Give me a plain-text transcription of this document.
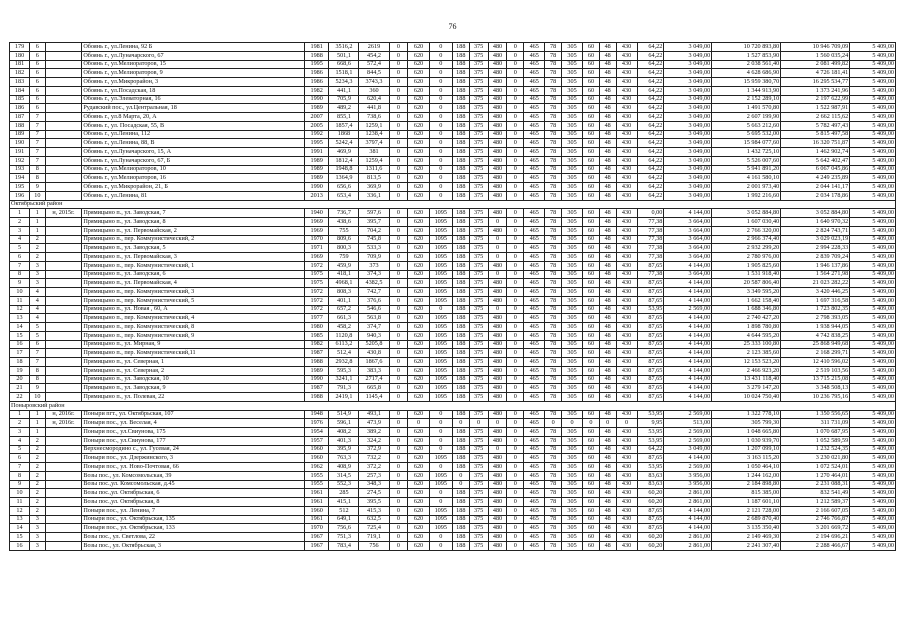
76
179	6		Обоянь г., ул.Ленина, 92 Б	1981	3516,2	2619	0	620	0	188	375	480	0	465	78	305	60	48	430	64,22	3 049,00	10 720 893,80	10 946 709,09	5 409,00
180	6		Обоянь г., ул.Луначарского, 67	1988	501,1	454,2	0	620	0	188	375	480	0	465	78	305	60	48	430	64,22	3 049,00	1 527 853,90	1 560 035,24	5 409,00
181	6		Обоянь г., ул.Мелиораторов, 15	1995	668,6	572,4	0	620	0	188	375	480	0	465	78	305	60	48	430	64,22	3 049,00	2 038 561,40	2 081 499,82	5 409,00
182	6		Обоянь г., ул.Мелиораторов, 9	1986	1518,1	844,5	0	620	0	188	375	480	0	465	78	305	60	48	430	64,22	3 049,00	4 628 686,90	4 726 181,41	5 409,00
183	6		Обоянь г., ул.Микрорайон, 3	1986	5234,3	3743,3	0	620	0	188	375	480	0	465	78	305	60	48	430	64,22	3 049,00	15 959 380,70	16 295 534,77	5 409,00
184	6		Обоянь г., ул.Посадская, 18	1982	441,1	360	0	620	0	188	375	480	0	465	78	305	60	48	430	64,22	3 049,00	1 344 913,90	1 373 241,96	5 409,00
185	6		Обоянь г., ул.Элеваторная, 16	1990	705,9	620,4	0	620	0	188	375	480	0	465	78	305	60	48	430	64,22	3 049,00	2 152 289,10	2 197 622,99	5 409,00
186	6		Рудавский пос., ул.Центральная, 18	1989	489,2	441,8	0	620	0	188	375	480	0	465	78	305	60	48	430	64,22	3 049,00	1 491 570,80	1 522 987,91	5 409,00
187	7		Обоянь г., ул.8 Марта, 20, А	2007	855,1	738,6	0	620	0	188	375	480	0	465	78	305	60	48	430	64,22	3 049,00	2 607 199,90	2 662 115,62	5 409,00
188	7		Обоянь г., ул. Посадская, 55, В	2005	1857,4	1259,1	0	620	0	188	375	480	0	465	78	305	60	48	430	64,22	3 049,00	5 663 212,60	5 782 497,43	5 409,00
189	7		Обоянь г., ул.Ленина, 112	1992	1868	1238,4	0	620	0	188	375	480	0	465	78	305	60	48	430	64,22	3 049,00	5 695 532,00	5 815 497,58	5 409,00
190	7		Обоянь г., ул.Ленина, 88, В	1995	5242,4	3797,4	0	620	0	188	375	480	0	465	78	305	60	48	430	64,22	3 049,00	15 984 077,60	16 320 751,87	5 409,00
191	7		Обоянь г., ул.Луначарского, 15, А	1991	469,9	381	0	620	0	188	375	480	0	465	78	305	60	48	430	64,22	3 049,00	1 432 725,10	1 462 902,74	5 409,00
192	7		Обоянь г., ул.Луначарского, 67, Б	1989	1812,4	1259,4	0	620	0	188	375	480	0	465	78	305	60	48	430	64,22	3 049,00	5 526 007,60	5 642 402,47	5 409,00
193	8		Обоянь г., ул.Мелиораторов, 10	1989	1948,8	1311,6	0	620	0	188	375	480	0	465	78	305	60	48	430	64,22	3 049,00	5 941 891,20	6 067 045,86	5 409,00
194	8		Обоянь г., ул.Мелиораторов, 16	1989	1364,9	813,5	0	620	0	188	375	480	0	465	78	305	60	48	430	64,22	3 049,00	4 161 580,10	4 249 235,89	5 409,00
195	9		Обоянь г., ул.Микрорайон, 21, Б	1990	656,6	369,9	0	620	0	188	375	480	0	465	78	305	60	48	430	64,22	3 049,00	2 001 973,40	2 044 141,17	5 409,00
196	10		Обоянь г., ул.Ленина, 81	2013	653,4	336,1	0	620	0	188	375	480	0	465	78	305	60	48	430	64,22	3 049,00	1 992 216,60	2 034 178,86	5 409,00
Октябрьский район																								
1	1	н, 2015г.	Прямицыно п., ул. Заводская, 7	1940	736,7	597,6	0	620	1095	188	375	480	0	465	78	305	60	48	430	0,00	4 144,00	3 052 884,80	3 052 884,80	5 409,00
2	1		Прямицыно п., ул. Заводская, 8	1969	438,6	395,7	0	620	1095	188	375	0	0	465	78	305	60	48	430	77,38	3 664,00	1 607 030,40	1 640 970,32	5 409,00
3	1		Прямицыно п., ул. Первомайская, 2	1969	755	704,2	0	620	1095	188	375	480	0	465	78	305	60	48	430	77,38	3 664,00	2 766 320,00	2 824 743,71	5 409,00
4	2		Прямицыно п., пер. Коммунистический, 2	1970	809,6	745,8	0	620	1095	188	375	0	0	465	78	305	60	48	430	77,38	3 664,00	2 966 374,40	3 029 023,19	5 409,00
5	2		Прямицыно п., ул. Заводская, 5	1971	800,3	533,3	0	620	1095	188	375	0	0	465	78	305	60	48	430	77,38	3 664,00	2 932 299,20	2 994 228,33	5 409,00
6	2		Прямицыно п., ул. Первомайская, 3	1969	759	709,9	0	620	1095	188	375	0	0	465	78	305	60	48	430	77,38	3 664,00	2 780 976,00	2 839 709,24	5 409,00
7	3		Прямицыно п., пер. Коммунистический, 1	1972	459,9	373	0	620	1095	188	375	480	0	465	78	305	60	48	430	87,65	4 144,00	1 905 825,60	1 946 137,86	5 409,00
8	3		Прямицыно п., ул. Заводская, 6	1975	418,1	374,3	0	620	1095	188	375	0	0	465	78	305	60	48	430	77,38	3 664,00	1 531 918,40	1 564 271,98	5 409,00
9	3		Прямицыно п., ул. Первомайская, 4	1975	4968,1	4382,5	0	620	1095	188	375	480	0	465	78	305	60	48	430	87,65	4 144,00	20 587 806,40	21 023 282,22	5 409,00
10	4		Прямицыно п., пер. Коммунистический, 3	1972	808,3	742,7	0	620	1095	188	375	480	0	465	78	305	60	48	430	87,65	4 144,00	3 349 595,20	3 420 446,25	5 409,00
11	4		Прямицыно п., пер. Коммунистический, 5	1972	401,1	376,6	0	620	1095	188	375	480	0	465	78	305	60	48	430	87,65	4 144,00	1 662 158,40	1 697 316,58	5 409,00
12	4		Прямицыно п., ул. Новая , 60, А	1972	657,2	546,6	0	620	0	188	375	0	0	465	78	305	60	48	430	53,95	2 569,00	1 688 346,80	1 723 802,35	5 409,00
13	4		Прямицыно п., пер. Коммунистический, 4	1977	661,3	563,8	0	620	1095	188	375	480	0	465	78	305	60	48	430	87,65	4 144,00	2 740 427,20	2 798 393,05	5 409,00
14	5		Прямицыно п., пер. Коммунистический, 8	1980	458,2	374,7	0	620	1095	188	375	480	0	465	78	305	60	48	430	87,65	4 144,00	1 898 780,80	1 938 944,05	5 409,00
15	5		Прямицыно п., пер. Коммунистический, 9	1985	1120,8	940,3	0	620	1095	188	375	480	0	465	78	305	60	48	430	87,65	4 144,00	4 644 595,20	4 742 838,25	5 409,00
16	6		Прямицыно п., ул. Мирная, 9	1982	6113,2	5205,8	0	620	1095	188	375	480	0	465	78	305	60	48	430	87,65	4 144,00	25 333 100,80	25 868 949,68	5 409,00
17	7		Прямицыно п., пер. Коммунистический,11	1987	512,4	430,8	0	620	1095	188	375	480	0	465	78	305	60	48	430	87,65	4 144,00	2 123 385,60	2 168 299,71	5 409,00
18	7		Прямицыно п., ул. Северная, 1	1988	2932,8	1867,6	0	620	1095	188	375	480	0	465	78	305	60	48	430	87,65	4 144,00	12 153 523,20	12 410 596,02	5 409,00
19	8		Прямицыно п., ул. Северная, 2	1989	595,3	383,3	0	620	1095	188	375	480	0	465	78	305	60	48	430	87,65	4 144,00	2 466 923,20	2 519 103,56	5 409,00
20	8		Прямицыно п., ул. Заводская, 10	1990	3241,1	2717,4	0	620	1095	188	375	480	0	465	78	305	60	48	430	87,65	4 144,00	13 431 118,40	13 715 215,08	5 409,00
21	9		Прямицыно п., ул. Заводская, 9	1987	791,3	665,8	0	620	1095	188	375	480	0	465	78	305	60	48	430	87,65	4 144,00	3 279 147,20	3 348 508,13	5 409,00
22	10		Прямицыно п., ул. Полевая, 22	1988	2419,1	1145,4	0	620	1095	188	375	480	0	465	78	305	60	48	430	87,65	4 144,00	10 024 750,40	10 236 795,16	5 409,00
Поныровский район																								
1	1	н, 2016г.	Поныри пгт., ул. Октябрьская, 107	1948	514,9	493,1	0	620	0	188	375	480	0	465	78	305	60	48	430	53,95	2 569,00	1 322 778,10	1 350 556,65	5 409,00
2	1	н, 2016г.	Поныри пос., ул. Веселая, 4	1976	596,1	473,9	0	0	0	0	0	0	0	465	0	0	0	0	0	9,95	513,00	305 799,30	311 731,09	5 409,00
3	1		Поныри пос., ул.Свиунова, 175	1954	408,2	389,2	0	620	0	188	375	480	0	465	78	305	60	48	430	53,95	2 569,00	1 048 665,80	1 070 687,95	5 409,00
4	2		Поныри пос., ул.Свиунова, 177	1957	401,3	324,2	0	620	0	188	375	480	0	465	78	305	60	48	430	53,95	2 569,00	1 030 939,70	1 052 589,59	5 409,00
5	2		Верхнесмородино с., ул. Гусевая, 24	1960	395,9	372,9	0	620	0	188	375	0	0	465	78	305	60	48	430	64,22	3 049,00	1 207 099,10	1 232 524,35	5 409,00
6	2		Поныри пос., ул. Дзержинского, 3	1960	763,3	732,2	0	620	1095	188	375	480	0	465	78	305	60	48	430	87,65	4 144,00	3 163 115,20	3 230 021,80	5 409,00
7	2		Поныри пос., ул. Ново-Почтовая, 66	1962	408,9	372,2	0	620	0	188	375	480	0	465	78	305	60	48	430	53,95	2 569,00	1 050 464,10	1 072 524,01	5 409,00
8	2		Возы пос., ул. Комсомольская, 39	1955	314,5	257,3	0	620	1095	0	375	480	0	465	78	305	60	48	430	83,63	3 956,00	1 244 162,00	1 270 464,01	5 409,00
9	2		Возы пос.,ул. Комсомольская, д.45	1955	552,3	348,3	0	620	1095	0	375	480	0	465	78	305	60	48	430	83,63	3 956,00	2 184 898,80	2 231 088,31	5 409,00
10	2		Возы пос.,ул. Октябрьская, 6	1961	285	274,5	0	620	0	188	375	480	0	465	78	305	60	48	430	60,20	2 861,00	815 385,00	832 541,49	5 409,00
11	2		Возы пос.,ул. Октябрьская, 8	1961	415,1	395,5	0	620	0	188	375	480	0	465	78	305	60	48	430	60,20	2 861,00	1 187 601,10	1 212 589,37	5 409,00
12	2		Поныри пос., ул. Ленина, 7	1960	512	415,3	0	620	1095	188	375	480	0	465	78	305	60	48	430	87,65	4 144,00	2 121 728,00	2 166 607,05	5 409,00
13	3		Поныри пос., ул. Октябрьская, 135	1961	649,1	632,5	0	620	1095	188	375	480	0	465	78	305	60	48	430	87,65	4 144,00	2 689 870,40	2 746 766,87	5 409,00
14	3		Поныри пос., ул. Октябрьская, 133	1970	756,6	725,4	0	620	1095	188	375	480	0	465	78	305	60	48	430	87,65	4 144,00	3 135 350,40	3 201 669,72	5 409,00
15	3		Возы пос., ул. Светлова, 22	1967	751,3	719,1	0	620	0	188	375	480	0	465	78	305	60	48	430	60,20	2 861,00	2 149 469,30	2 194 696,21	5 409,00
16	3		Возы пос., ул. Октябрьская, 3	1967	783,4	756	0	620	0	188	375	480	0	465	78	305	60	48	430	60,20	2 861,00	2 241 307,40	2 288 466,67	5 409,00
